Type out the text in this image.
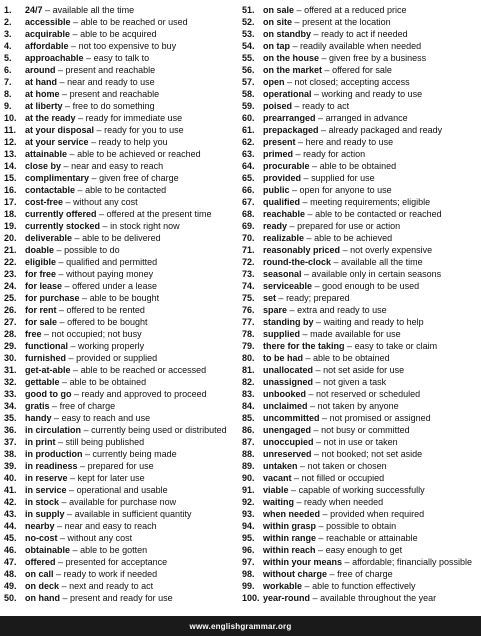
1. 24/7 – available all the time
2. accessible – able to be reached or used
3. acquirable – able to be acquired
4. affordable – not too expensive to buy
5. approachable – easy to talk to
6. around – present and reachable
7. at hand – near and ready to use
8. at home – present and reachable
9. at liberty – free to do something
10. at the ready – ready for immediate use
11. at your disposal – ready for you to use
12. at your service – ready to help you
13. attainable – able to be achieved or reached
14. close by – near and easy to reach
15. complimentary – given free of charge
16. contactable – able to be contacted
17. cost-free – without any cost
18. currently offered – offered at the present time
19. currently stocked – in stock right now
20. deliverable – able to be delivered
21. doable – possible to do
22. eligible – qualified and permitted
23. for free – without paying money
24. for lease – offered under a lease
25. for purchase – able to be bought
26. for rent – offered to be rented
27. for sale – offered to be bought
28. free – not occupied; not busy
29. functional – working properly
30. furnished – provided or supplied
31. get-at-able – able to be reached or accessed
32. gettable – able to be obtained
33. good to go – ready and approved to proceed
34. gratis – free of charge
35. handy – easy to reach and use
36. in circulation – currently being used or distributed
37. in print – still being published
38. in production – currently being made
39. in readiness – prepared for use
40. in reserve – kept for later use
41. in service – operational and usable
42. in stock – available for purchase now
43. in supply – available in sufficient quantity
44. nearby – near and easy to reach
45. no-cost – without any cost
46. obtainable – able to be gotten
47. offered – presented for acceptance
48. on call – ready to work if needed
49. on deck – next and ready to act
50. on hand – present and ready for use
51. on sale – offered at a reduced price
52. on site – present at the location
53. on standby – ready to act if needed
54. on tap – readily available when needed
55. on the house – given free by a business
56. on the market – offered for sale
57. open – not closed; accepting access
58. operational – working and ready to use
59. poised – ready to act
60. prearranged – arranged in advance
61. prepackaged – already packaged and ready
62. present – here and ready to use
63. primed – ready for action
64. procurable – able to be obtained
65. provided – supplied for use
66. public – open for anyone to use
67. qualified – meeting requirements; eligible
68. reachable – able to be contacted or reached
69. ready – prepared for use or action
70. realizable – able to be achieved
71. reasonably priced – not overly expensive
72. round-the-clock – available all the time
73. seasonal – available only in certain seasons
74. serviceable – good enough to be used
75. set – ready; prepared
76. spare – extra and ready to use
77. standing by – waiting and ready to help
78. supplied – made available for use
79. there for the taking – easy to take or claim
80. to be had – able to be obtained
81. unallocated – not set aside for use
82. unassigned – not given a task
83. unbooked – not reserved or scheduled
84. unclaimed – not taken by anyone
85. uncommitted – not promised or assigned
86. unengaged – not busy or committed
87. unoccupied – not in use or taken
88. unreserved – not booked; not set aside
89. untaken – not taken or chosen
90. vacant – not filled or occupied
91. viable – capable of working successfully
92. waiting – ready when needed
93. when needed – provided when required
94. within grasp – possible to obtain
95. within range – reachable or attainable
96. within reach – easy enough to get
97. within your means – affordable; financially possible
98. without charge – free of charge
99. workable – able to function effectively
100. year-round – available throughout the year
www.englishgrammar.org
